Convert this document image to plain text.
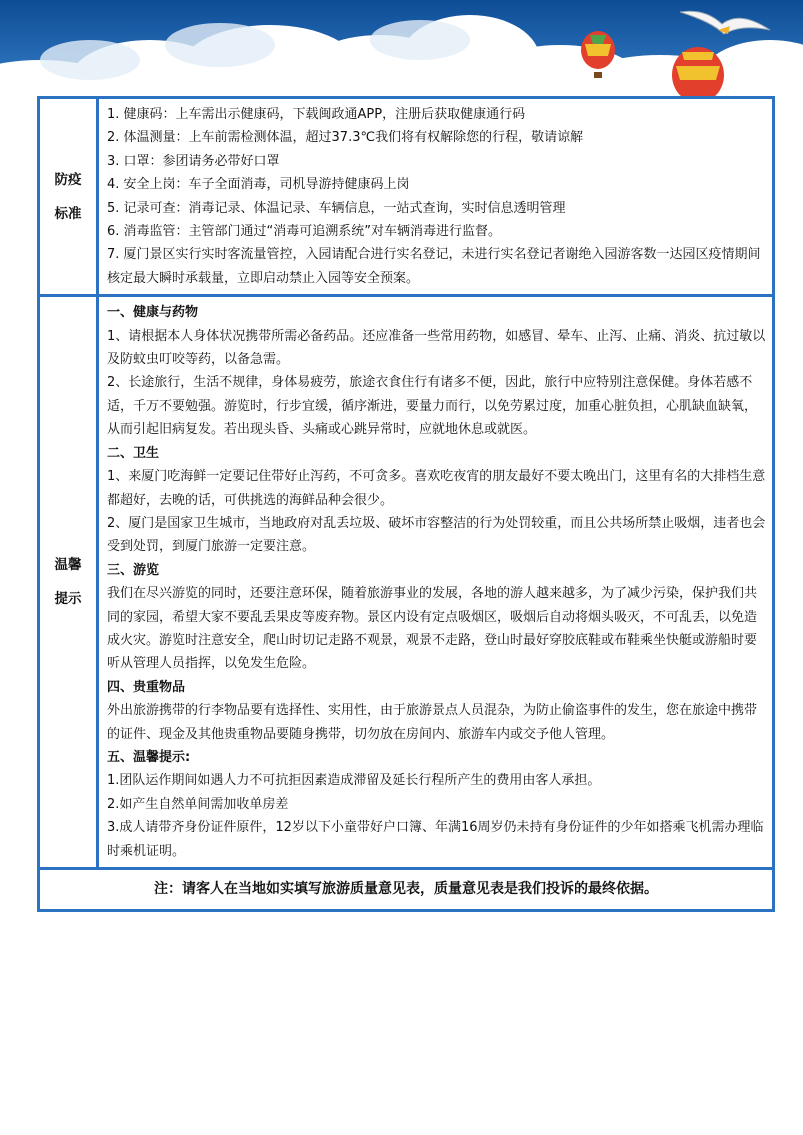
防疫
标准

1. 健康码：上车需出示健康码，下载闽政通APP，注册后获取健康通行码

2. 体温测量：上车前需检测体温，超过37.3℃我们将有权解除您的行程，敬请谅解

3. 口罩：参团请务必带好口罩

4. 安全上岗：车子全面消毒，司机导游持健康码上岗

5. 记录可查：消毒记录、体温记录、车辆信息，一站式查询，实时信息透明管理

6. 消毒监管：主管部门通过“消毒可追溯系统”对车辆消毒进行监督。

7. 厦门景区实行实时客流量管控，入园请配合进行实名登记，未进行实名登记者谢绝入园游客数一达园区疫情期间核定最大瞬时承载量，立即启动禁止入园等安全预案。

温馨
提示

一、健康与药物

1、请根据本人身体状况携带所需必备药品。还应准备一些常用药物，如感冒、晕车、止泻、止痛、消炎、抗过敏以及防蚊虫叮咬等药，以备急需。

2、长途旅行，生活不规律，身体易疲劳，旅途衣食住行有诸多不便，因此，旅行中应特别注意保健。身体若感不适，千万不要勉强。游览时，行步宜缓，循序渐进，要量力而行，以免劳累过度，加重心脏负担，心肌缺血缺氧，从而引起旧病复发。若出现头昏、头痛或心跳异常时，应就地休息或就医。

二、卫生

1、来厦门吃海鲜一定要记住带好止泻药，不可贪多。喜欢吃夜宵的朋友最好不要太晚出门，这里有名的大排档生意都超好，去晚的话，可供挑选的海鲜品种会很少。

2、厦门是国家卫生城市，当地政府对乱丢垃圾、破坏市容整洁的行为处罚较重，而且公共场所禁止吸烟，违者也会受到处罚，到厦门旅游一定要注意。

三、游览

我们在尽兴游览的同时，还要注意环保，随着旅游事业的发展，各地的游人越来越多，为了减少污染，保护我们共同的家园，希望大家不要乱丢果皮等废弃物。景区内设有定点吸烟区，吸烟后自动将烟头吸灭，不可乱丢，以免造成火灾。游览时注意安全，爬山时切记走路不观景，观景不走路，登山时最好穿胶底鞋或布鞋乘坐快艇或游船时要听从管理人员指挥，以免发生危险。

四、贵重物品

外出旅游携带的行李物品要有选择性、实用性，由于旅游景点人员混杂，为防止偷盗事件的发生，您在旅途中携带的证件、现金及其他贵重物品要随身携带，切勿放在房间内、旅游车内或交予他人管理。

五、温馨提示:

1.团队运作期间如遇人力不可抗拒因素造成滞留及延长行程所产生的费用由客人承担。

2.如产生自然单间需加收单房差

3.成人请带齐身份证件原件，12岁以下小童带好户口簿、年满16周岁仍未持有身份证件的少年如搭乘飞机需办理临时乘机证明。

注：请客人在当地如实填写旅游质量意见表，质量意见表是我们投诉的最终依据。
